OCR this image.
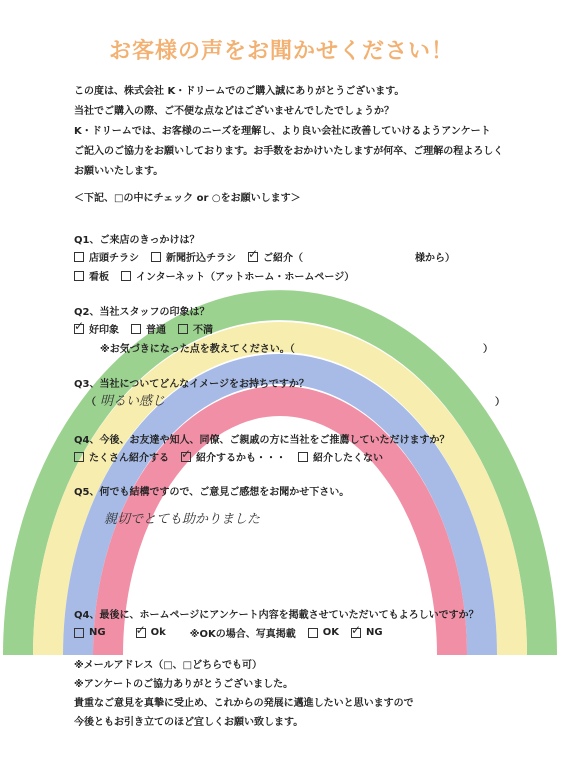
お客様の声をお聞かせください！
この度は、株式会社 K・ドリームでのご購入誠にありがとうございます。
当社でご購入の際、ご不便な点などはございませんでしたでしょうか？
K・ドリームでは、お客様のニーズを理解し、より良い会社に改善していけるようアンケート
ご記入のご協力をお願いしております。お手数をおかけいたしますが何卒、ご理解の程よろしく
お願いいたします。
＜下記、□の中にチェック or ○をお願いします＞
Q1、ご来店のきっかけは？
店頭チラシ	新聞折込チラシ ✓	ご紹介（	様から）
看板	インターネット（アットホーム・ホームページ）
Q2、当社スタッフの印象は？
✓
好印象	普通	不満
※お気づきになった点を教えてください。（	）
Q3、当社についてどんなイメージをお持ちですか？
（ 明るい感じ	）
Q4、今後、お友達や知人、同僚、ご親戚の方に当社をご推薦していただけますか？
たくさん紹介する ✓	紹介するかも・・・	紹介したくない
Q5、何でも結構ですので、ご意見ご感想をお聞かせ下さい。
親切でとても助かりました
Q4、最後に、ホームページにアンケート内容を掲載させていただいてもよろしいですか？
NG ✓	Ok ※OKの場合、写真掲載	OK ✓	NG
※メールアドレス（□、□どちらでも可）
※アンケートのご協力ありがとうございました。
貴重なご意見を真摯に受止め、これからの発展に邁進したいと思いますので
今後ともお引き立てのほど宜しくお願い致します。
